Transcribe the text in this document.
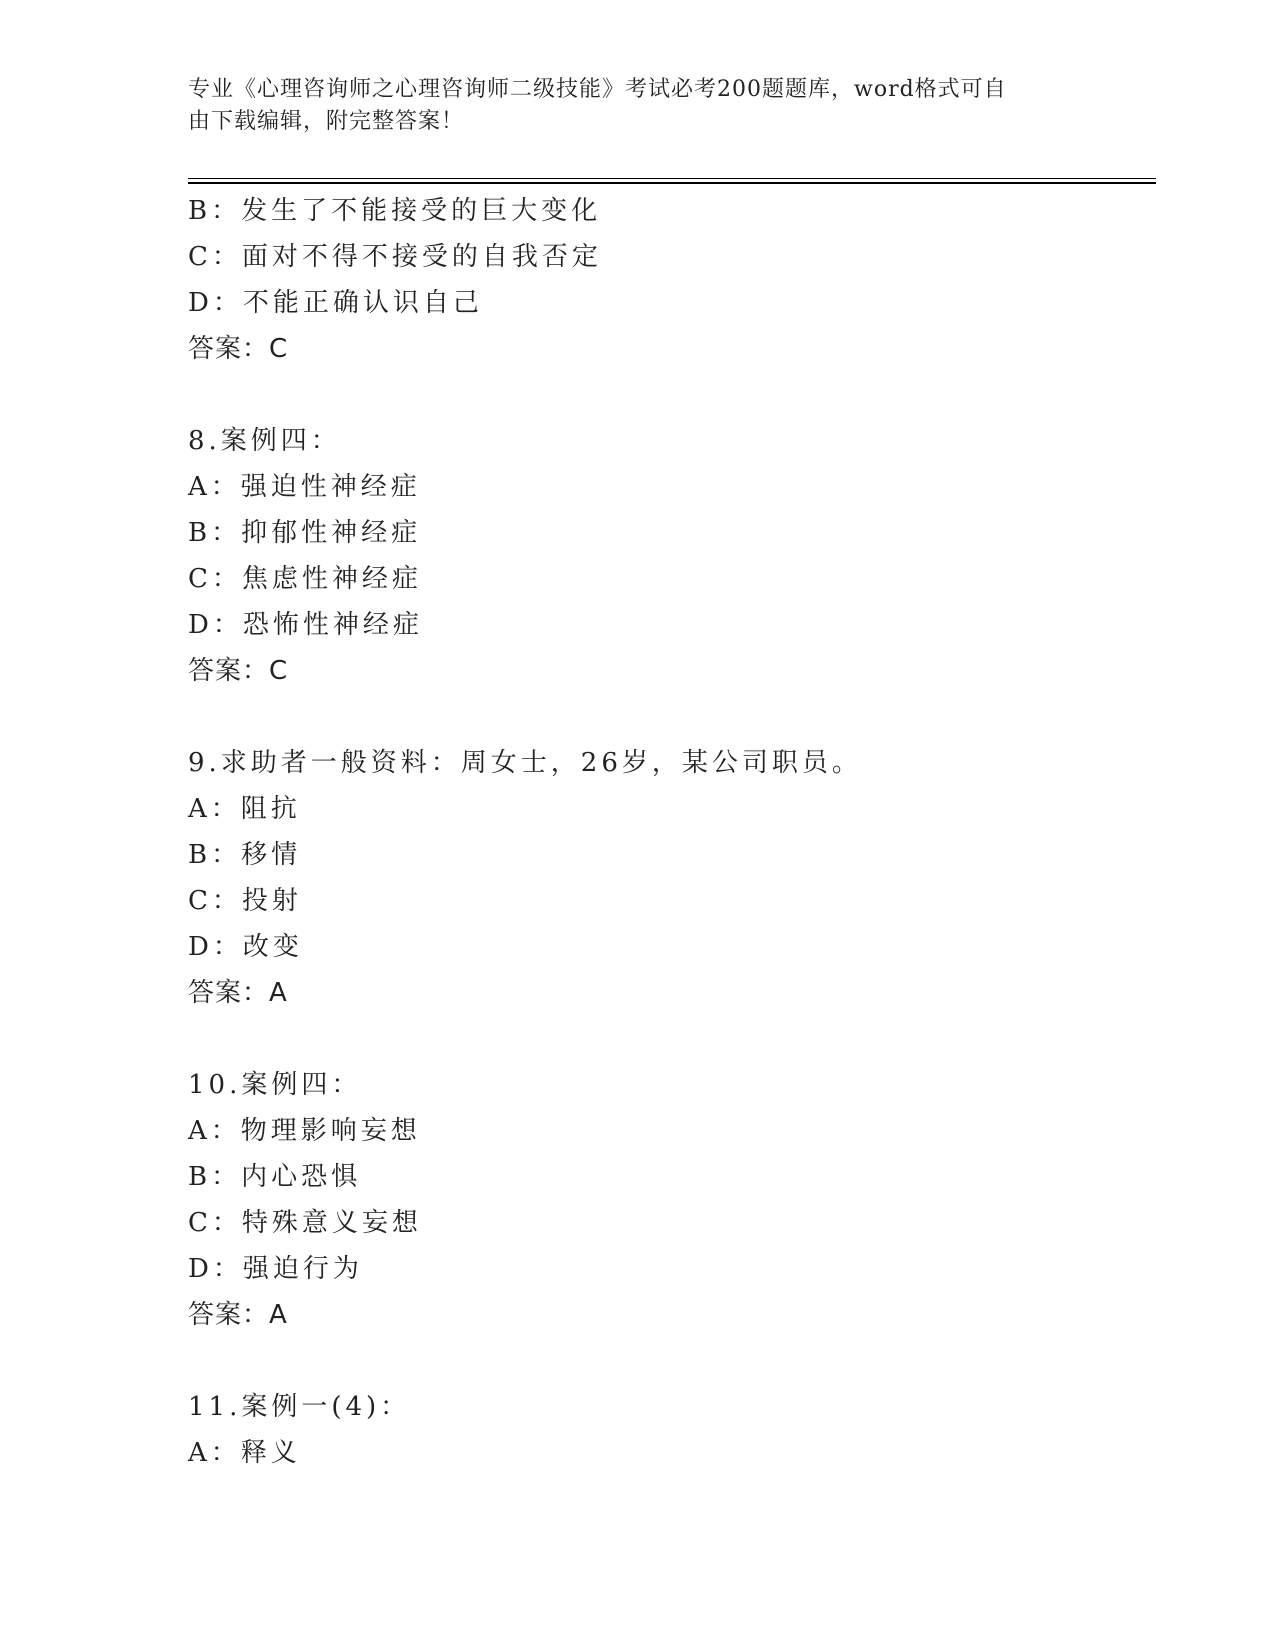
专业《心理咨询师之心理咨询师二级技能》考试必考200题题库，word格式可自
由下载编辑，附完整答案！
B：发生了不能接受的巨大变化
C：面对不得不接受的自我否定
D：不能正确认识自己
答案：C
8.案例四：
A：强迫性神经症
B：抑郁性神经症
C：焦虑性神经症
D：恐怖性神经症
答案：C
9.求助者一般资料：周女士，26岁，某公司职员。
A：阻抗
B：移情
C：投射
D：改变
答案：A
10.案例四：
A：物理影响妄想
B：内心恐惧
C：特殊意义妄想
D：强迫行为
答案：A
11.案例一(4)：
A：释义
